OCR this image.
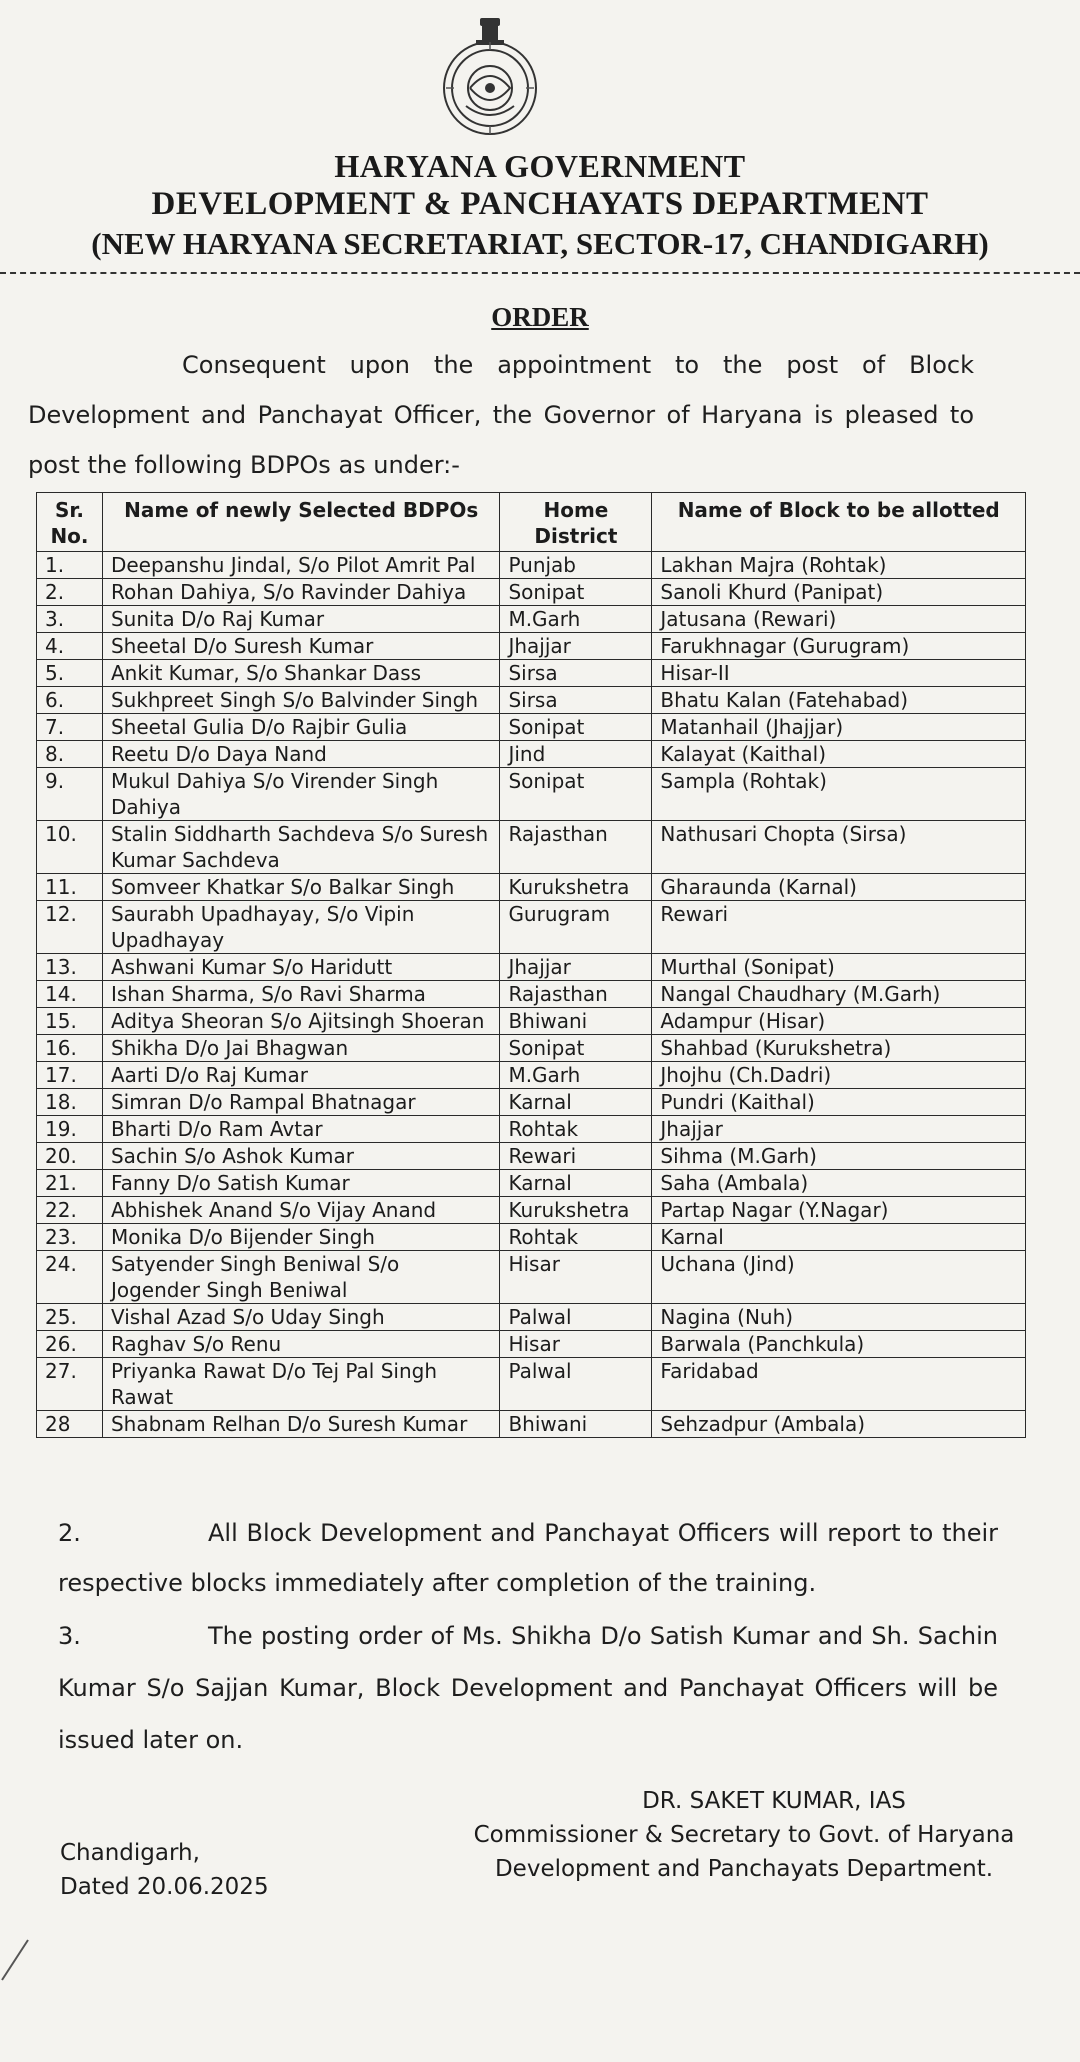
HARYANA GOVERNMENT
DEVELOPMENT & PANCHAYATS DEPARTMENT
(NEW HARYANA SECRETARIAT, SECTOR-17, CHANDIGARH)
ORDER
Consequent upon the appointment to the post of Block Development and Panchayat Officer, the Governor of Haryana is pleased to post the following BDPOs as under:-
Sr. No.	Name of newly Selected BDPOs	Home District	Name of Block to be allotted
1.	Deepanshu Jindal, S/o Pilot Amrit Pal	Punjab	Lakhan Majra (Rohtak)
2.	Rohan Dahiya, S/o Ravinder Dahiya	Sonipat	Sanoli Khurd (Panipat)
3.	Sunita D/o Raj Kumar	M.Garh	Jatusana (Rewari)
4.	Sheetal D/o Suresh Kumar	Jhajjar	Farukhnagar (Gurugram)
5.	Ankit Kumar, S/o Shankar Dass	Sirsa	Hisar-II
6.	Sukhpreet Singh S/o Balvinder Singh	Sirsa	Bhatu Kalan (Fatehabad)
7.	Sheetal Gulia D/o Rajbir Gulia	Sonipat	Matanhail (Jhajjar)
8.	Reetu D/o Daya Nand	Jind	Kalayat (Kaithal)
9.	Mukul Dahiya S/o Virender Singh Dahiya	Sonipat	Sampla (Rohtak)
10.	Stalin Siddharth Sachdeva S/o Suresh Kumar Sachdeva	Rajasthan	Nathusari Chopta (Sirsa)
11.	Somveer Khatkar S/o Balkar Singh	Kurukshetra	Gharaunda (Karnal)
12.	Saurabh Upadhayay, S/o Vipin Upadhayay	Gurugram	Rewari
13.	Ashwani Kumar S/o Haridutt	Jhajjar	Murthal (Sonipat)
14.	Ishan Sharma, S/o Ravi Sharma	Rajasthan	Nangal Chaudhary (M.Garh)
15.	Aditya Sheoran S/o Ajitsingh Shoeran	Bhiwani	Adampur (Hisar)
16.	Shikha D/o Jai Bhagwan	Sonipat	Shahbad (Kurukshetra)
17.	Aarti D/o Raj Kumar	M.Garh	Jhojhu (Ch.Dadri)
18.	Simran D/o Rampal Bhatnagar	Karnal	Pundri (Kaithal)
19.	Bharti D/o Ram Avtar	Rohtak	Jhajjar
20.	Sachin S/o Ashok Kumar	Rewari	Sihma (M.Garh)
21.	Fanny D/o Satish Kumar	Karnal	Saha (Ambala)
22.	Abhishek Anand S/o Vijay Anand	Kurukshetra	Partap Nagar (Y.Nagar)
23.	Monika D/o Bijender Singh	Rohtak	Karnal
24.	Satyender Singh Beniwal S/o Jogender Singh Beniwal	Hisar	Uchana (Jind)
25.	Vishal Azad S/o Uday Singh	Palwal	Nagina (Nuh)
26.	Raghav S/o Renu	Hisar	Barwala (Panchkula)
27.	Priyanka Rawat D/o Tej Pal Singh Rawat	Palwal	Faridabad
28	Shabnam Relhan D/o Suresh Kumar	Bhiwani	Sehzadpur (Ambala)
2.	All Block Development and Panchayat Officers will report to their respective blocks immediately after completion of the training.
3.	The posting order of Ms. Shikha D/o Satish Kumar and Sh. Sachin Kumar S/o Sajjan Kumar, Block Development and Panchayat Officers will be issued later on.
DR. SAKET KUMAR, IAS
Commissioner & Secretary to Govt. of Haryana
Development and Panchayats Department.
Chandigarh,
Dated 20.06.2025
